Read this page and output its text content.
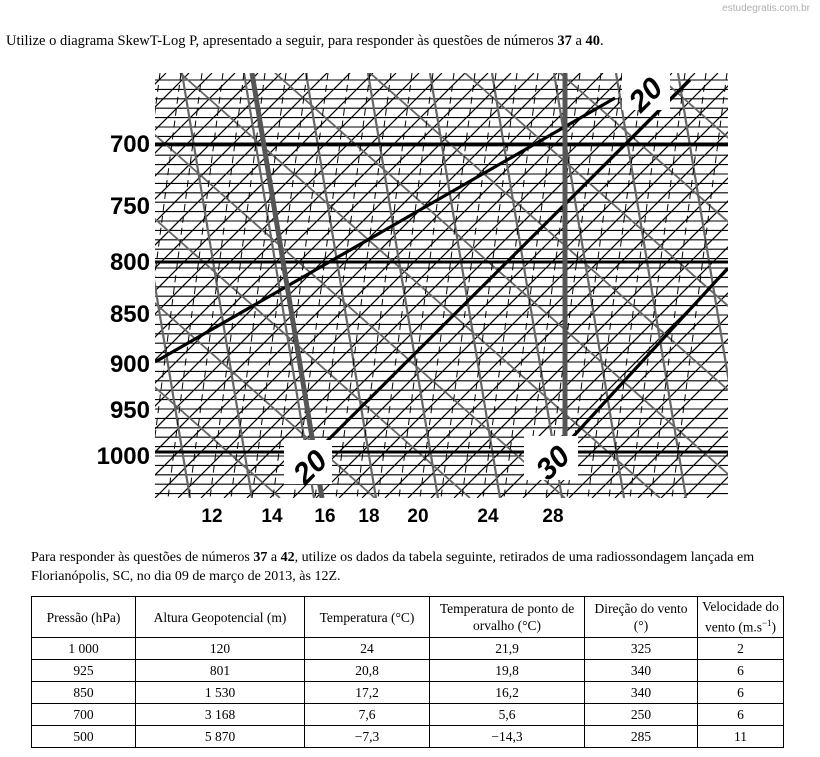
estudegratis.com.br
Utilize o diagrama SkewT-Log P, apresentado a seguir, para responder às questões de números 37 a 40.
700
750
800
850
900
950
1000
12 14 16 18 20	24 28
20
20	30
Para responder às questões de números 37 a 42, utilize os dados da tabela seguinte, retirados de uma radiossondagem lançada em Florianópolis, SC, no dia 09 de março de 2013, às 12Z.
Pressão (hPa)	Altura Geopotencial (m)	Temperatura (°C)	Temperatura de ponto de orvalho (°C)	Direção do vento (°)	Velocidade do vento $(m.s^{-1})$
1 000	120	24	21,9	325	2
925	801	20,8	19,8	340	6
850	1 530	17,2	16,2	340	6
700	3 168	7,6	5,6	250	6
500	5 870	−7,3	−14,3	285	11
